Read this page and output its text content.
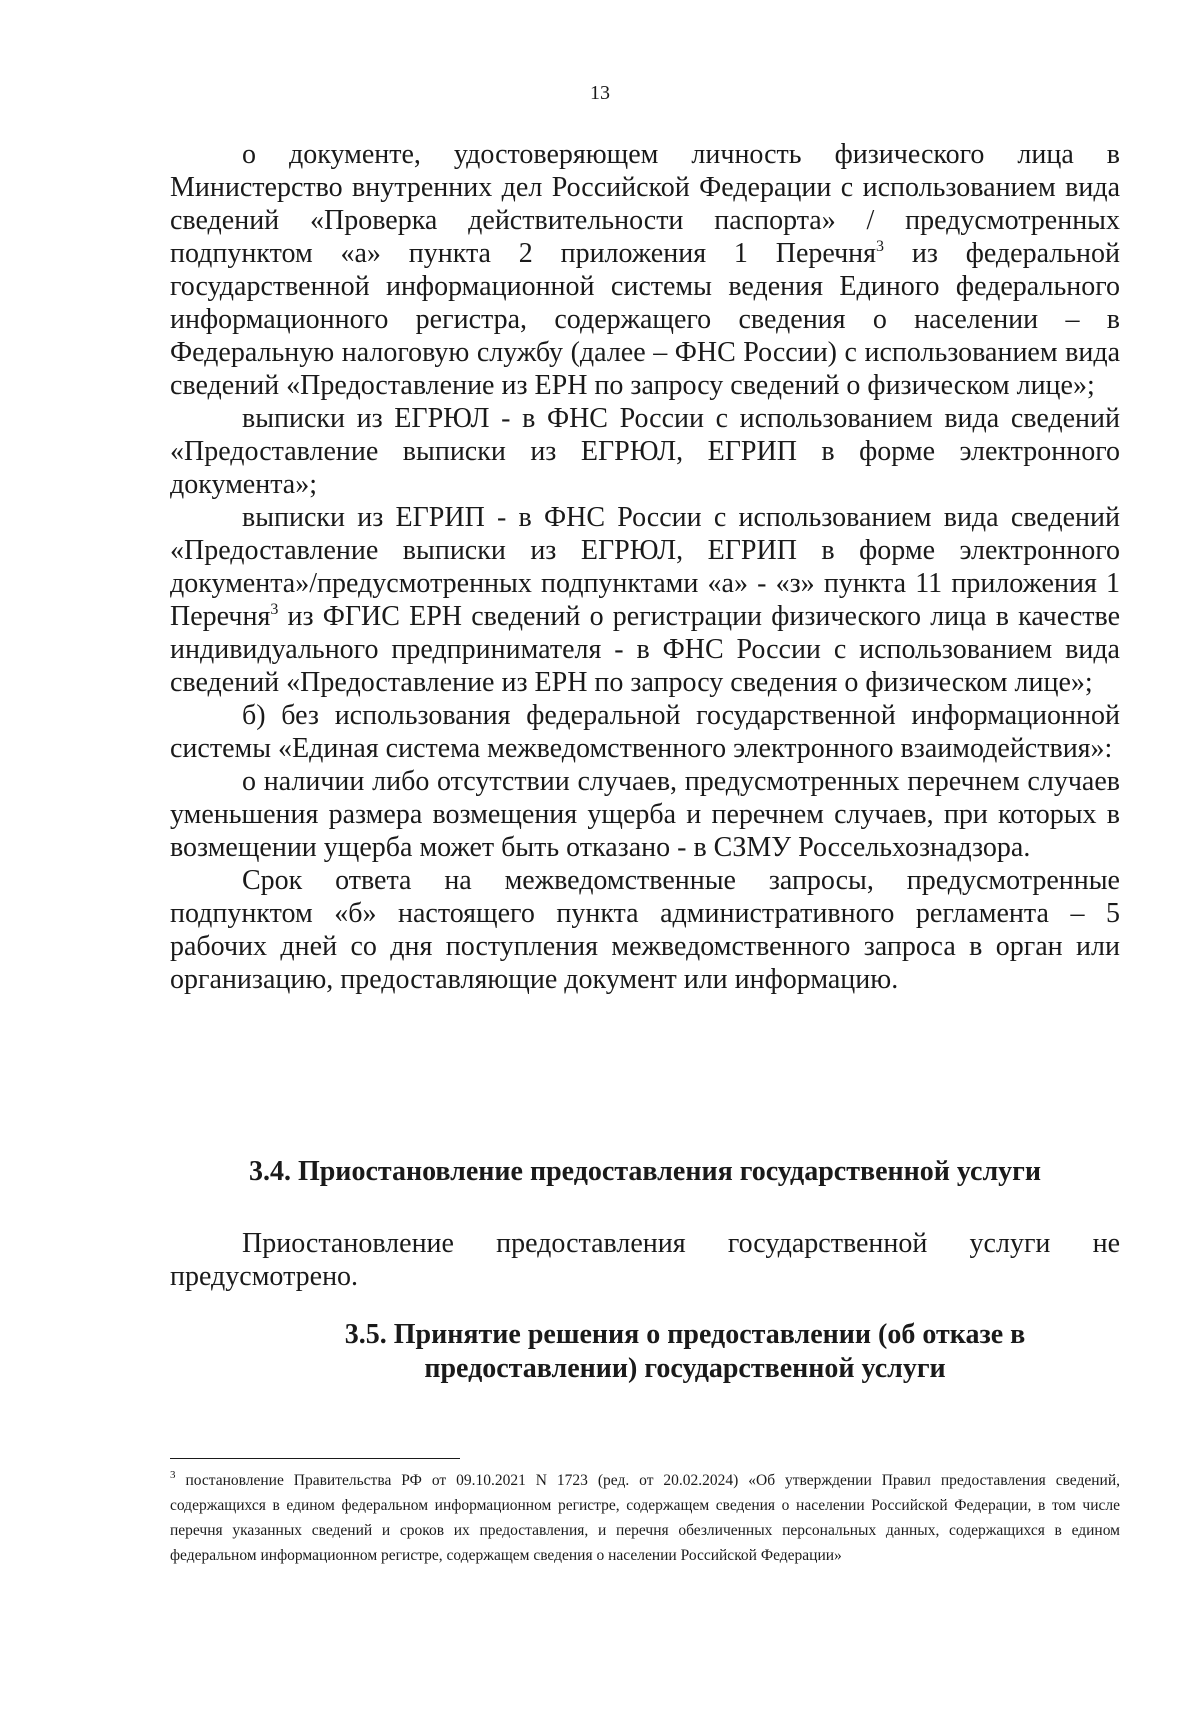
13

о документе, удостоверяющем личность физического лица в Министерство внутренних дел Российской Федерации с использованием вида сведений «Проверка действительности паспорта» / предусмотренных подпунктом «а» пункта 2 приложения 1 Перечня$^3$ из федеральной государственной информационной системы ведения Единого федерального информационного регистра, содержащего сведения о населении – в Федеральную налоговую службу (далее – ФНС России) с использованием вида сведений «Предоставление из ЕРН по запросу сведений о физическом лице»;

выписки из ЕГРЮЛ - в ФНС России с использованием вида сведений «Предоставление выписки из ЕГРЮЛ, ЕГРИП в форме электронного документа»;

выписки из ЕГРИП - в ФНС России с использованием вида сведений «Предоставление выписки из ЕГРЮЛ, ЕГРИП в форме электронного документа»/предусмотренных подпунктами «а» - «з» пункта 11 приложения 1 Перечня$^3$ из ФГИС ЕРН сведений о регистрации физического лица в качестве индивидуального предпринимателя - в ФНС России с использованием вида сведений «Предоставление из ЕРН по запросу сведения о физическом лице»;

б) без использования федеральной государственной информационной системы «Единая система межведомственного электронного взаимодействия»:

о наличии либо отсутствии случаев, предусмотренных перечнем случаев уменьшения размера возмещения ущерба и перечнем случаев, при которых в возмещении ущерба может быть отказано - в СЗМУ Россельхознадзора.

Срок ответа на межведомственные запросы, предусмотренные подпунктом «б» настоящего пункта административного регламента – 5 рабочих дней со дня поступления межведомственного запроса в орган или организацию, предоставляющие документ или информацию.

3.4. Приостановление предоставления государственной услуги

Приостановление предоставления государственной услуги не предусмотрено.

3.5. Принятие решения о предоставлении (об отказе в предоставлении) государственной услуги

$^3$ постановление Правительства РФ от 09.10.2021 N 1723 (ред. от 20.02.2024) «Об утверждении Правил предоставления сведений, содержащихся в едином федеральном информационном регистре, содержащем сведения о населении Российской Федерации, в том числе перечня указанных сведений и сроков их предоставления, и перечня обезличенных персональных данных, содержащихся в едином федеральном информационном регистре, содержащем сведения о населении Российской Федерации»
